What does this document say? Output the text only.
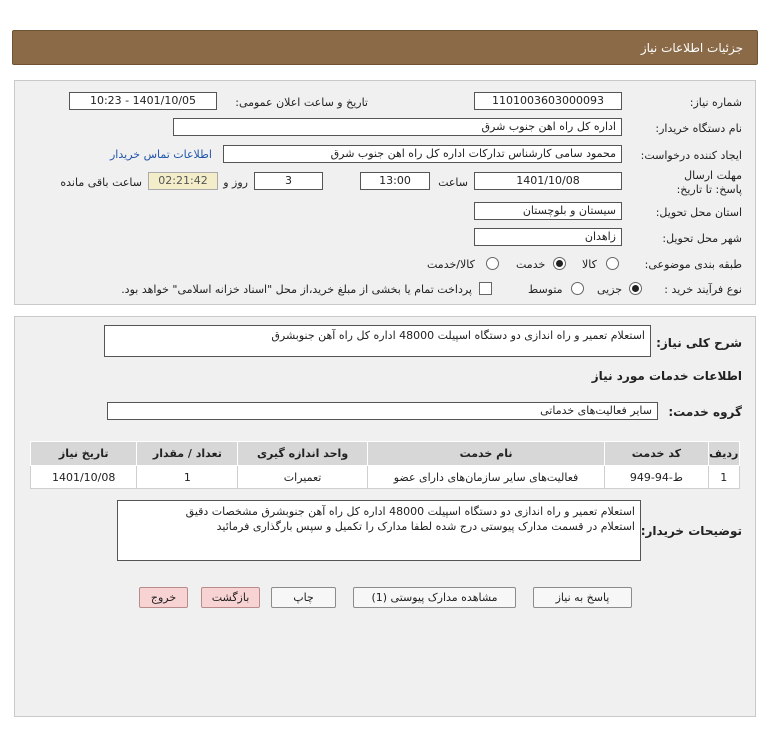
جزئیات اطلاعات نیاز
شماره نیاز:
1101003603000093
تاریخ و ساعت اعلان عمومی:
1401/10/05 - 10:23
نام دستگاه خریدار:
اداره کل راه اهن جنوب شرق
ایجاد کننده درخواست:
محمود سامی کارشناس تداركات اداره کل راه اهن جنوب شرق
اطلاعات تماس خریدار
مهلت ارسال پاسخ: تا تاریخ:
1401/10/08
ساعت
13:00
3
روز و
02:21:42
ساعت باقی مانده
استان محل تحویل:
سیستان و بلوچستان
شهر محل تحویل:
زاهدان
طبقه بندی موضوعی:
کالا
خدمت
کالا/خدمت
نوع فرآیند خرید :
جزیی
متوسط
پرداخت تمام یا بخشی از مبلغ خرید،از محل "اسناد خزانه اسلامی" خواهد بود.
شرح کلی نیاز:
استعلام تعمیر و راه اندازی دو دستگاه اسپیلت 48000 اداره کل راه آهن جنوبشرق
اطلاعات خدمات مورد نیاز
گروه خدمت:
سایر فعالیت‌های خدماتی
ردیف	کد خدمت	نام خدمت	واحد اندازه گیری	تعداد / مقدار	تاریخ نیاز
1	ط-94-949	فعالیت‌های سایر سازمان‌های دارای عضو	تعمیرات	1	1401/10/08
توضیحات خریدار:
استعلام تعمیر و راه اندازی دو دستگاه اسپیلت 48000 اداره کل راه آهن جنوبشرق مشخصات دقیق
استعلام در قسمت مدارک پیوستی درج شده لطفا مدارک را تکمیل و سپس بارگذاری فرمائید
پاسخ به نیاز
مشاهده مدارک پیوستی (1)
چاپ
بازگشت
خروج
